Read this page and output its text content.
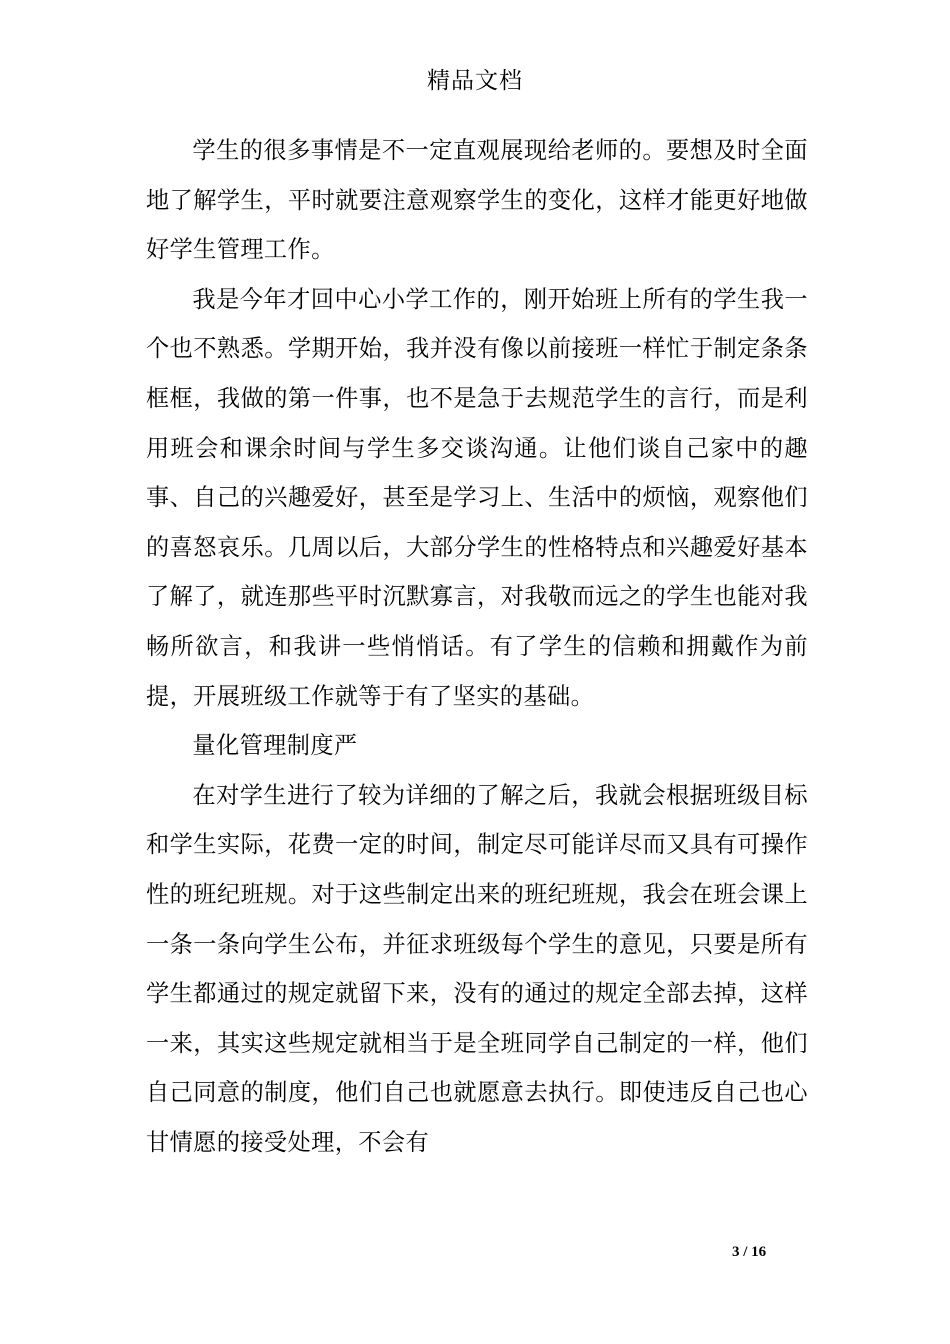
精品文档

学生的很多事情是不一定直观展现给老师的。要想及时全面地了解学生，平时就要注意观察学生的变化，这样才能更好地做好学生管理工作。

我是今年才回中心小学工作的，刚开始班上所有的学生我一个也不熟悉。学期开始，我并没有像以前接班一样忙于制定条条框框，我做的第一件事，也不是急于去规范学生的言行，而是利用班会和课余时间与学生多交谈沟通。让他们谈自己家中的趣事、自己的兴趣爱好，甚至是学习上、生活中的烦恼，观察他们的喜怒哀乐。几周以后，大部分学生的性格特点和兴趣爱好基本了解了，就连那些平时沉默寡言，对我敬而远之的学生也能对我畅所欲言，和我讲一些悄悄话。有了学生的信赖和拥戴作为前提，开展班级工作就等于有了坚实的基础。

量化管理制度严

在对学生进行了较为详细的了解之后，我就会根据班级目标和学生实际，花费一定的时间，制定尽可能详尽而又具有可操作性的班纪班规。对于这些制定出来的班纪班规，我会在班会课上一条一条向学生公布，并征求班级每个学生的意见，只要是所有学生都通过的规定就留下来，没有的通过的规定全部去掉，这样一来，其实这些规定就相当于是全班同学自己制定的一样，他们自己同意的制度，他们自己也就愿意去执行。即使违反自己也心甘情愿的接受处理，不会有

3 / 16
